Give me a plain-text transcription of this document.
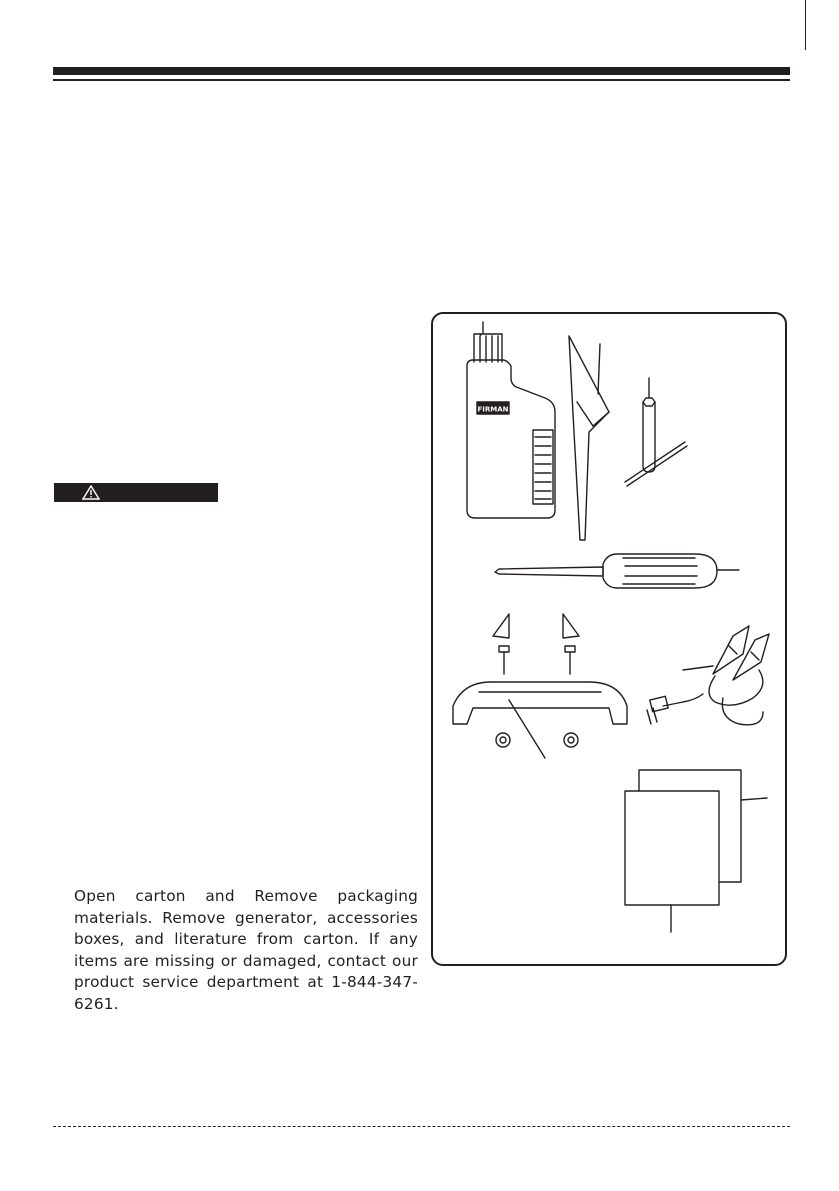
Open carton and Remove packaging materials. Remove generator, accessories boxes, and literature from carton. If any items are missing or damaged, contact our product service department at 1-844-347-6261.

FIRMAN
